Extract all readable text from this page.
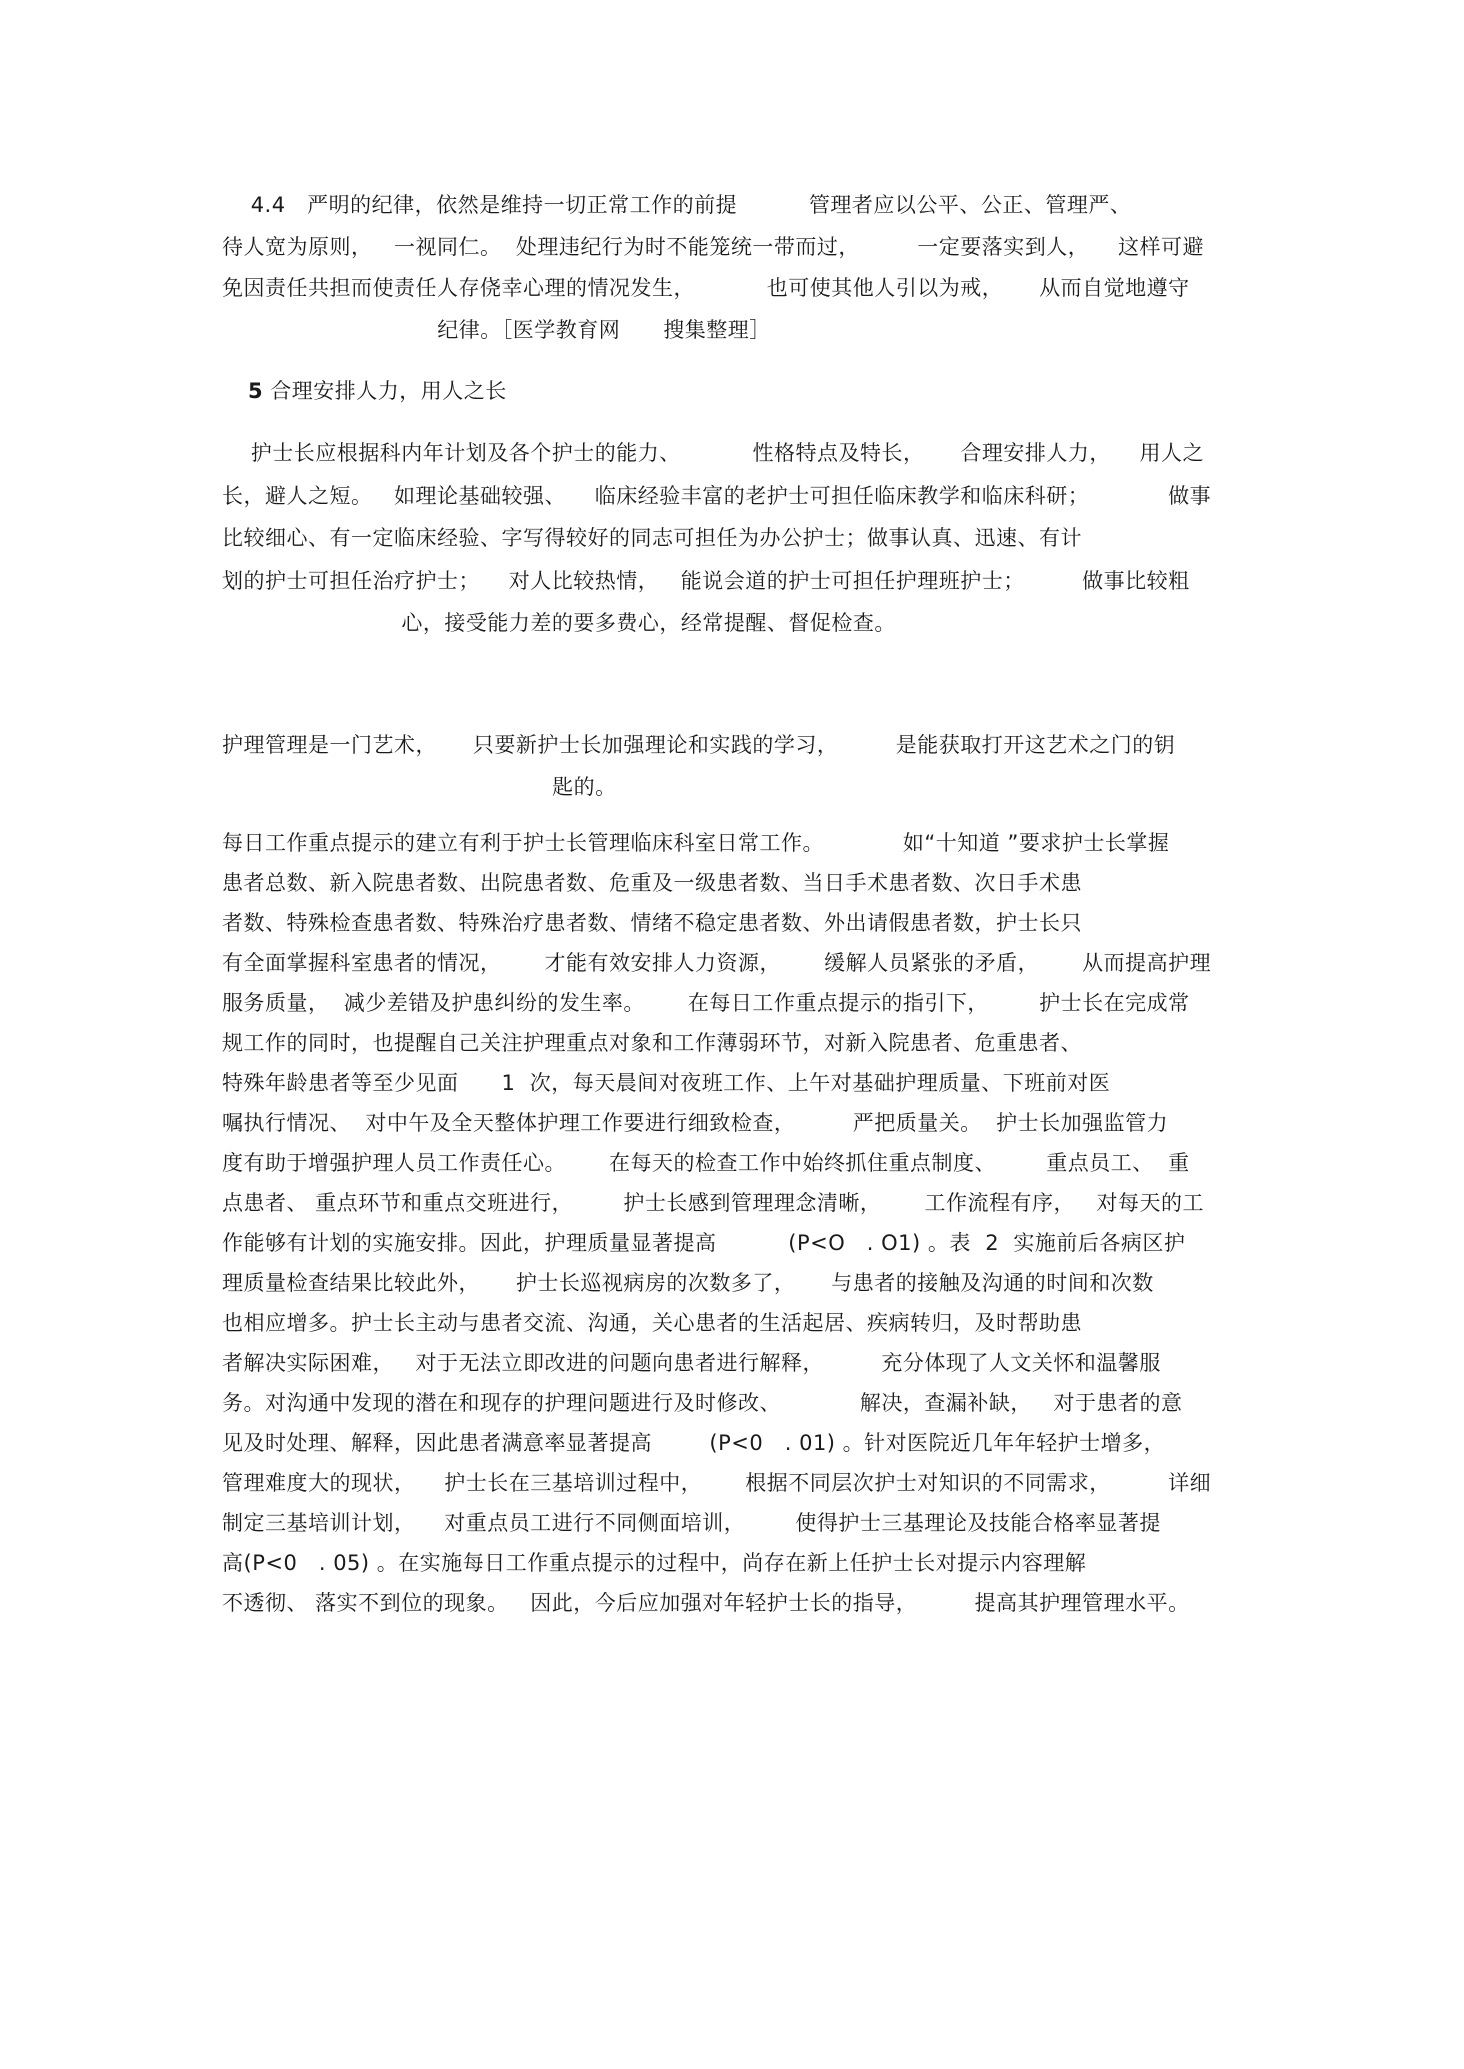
4.4   严明的纪律，依然是维持一切正常工作的前提          管理者应以公平、公正、管理严、
待人宽为原则，   一视同仁。  处理违纪行为时不能笼统一带而过，        一定要落实到人，    这样可避
免因责任共担而使责任人存侥幸心理的情况发生，          也可使其他人引以为戒，     从而自觉地遵守
纪律。［医学教育网      搜集整理］
5 合理安排人力，用人之长
护士长应根据科内年计划及各个护士的能力、          性格特点及特长，     合理安排人力，    用人之
长，避人之短。   如理论基础较强、    临床经验丰富的老护士可担任临床教学和临床科研；           做事
比较细心、有一定临床经验、字写得较好的同志可担任为办公护士；做事认真、迅速、有计
划的护士可担任治疗护士；    对人比较热情，   能说会道的护士可担任护理班护士；        做事比较粗
心，接受能力差的要多费心，经常提醒、督促检查。
护理管理是一门艺术，     只要新护士长加强理论和实践的学习，        是能获取打开这艺术之门的钥
匙的。
每日工作重点提示的建立有利于护士长管理临床科室日常工作。           如“十知道 ”要求护士长掌握
患者总数、新入院患者数、出院患者数、危重及一级患者数、当日手术患者数、次日手术患
者数、特殊检查患者数、特殊治疗患者数、情绪不稳定患者数、外出请假患者数，护士长只
有全面掌握科室患者的情况，      才能有效安排人力资源，      缓解人员紧张的矛盾，      从而提高护理
服务质量，  减少差错及护患纠纷的发生率。      在每日工作重点提示的指引下，       护士长在完成常
规工作的同时，也提醒自己关注护理重点对象和工作薄弱环节，对新入院患者、危重患者、
特殊年龄患者等至少见面      1  次，每天晨间对夜班工作、上午对基础护理质量、下班前对医
嘱执行情况、  对中午及全天整体护理工作要进行细致检查，        严把质量关。  护士长加强监管力
度有助于增强护理人员工作责任心。      在每天的检查工作中始终抓住重点制度、       重点员工、  重
点患者、 重点环节和重点交班进行，       护士长感到管理理念清晰，      工作流程有序，   对每天的工
作能够有计划的实施安排。因此，护理质量显著提高          (P<O   . O1) 。表  2  实施前后各病区护
理质量检查结果比较此外，     护士长巡视病房的次数多了，     与患者的接触及沟通的时间和次数
也相应增多。护士长主动与患者交流、沟通，关心患者的生活起居、疾病转归，及时帮助患
者解决实际困难，   对于无法立即改进的问题向患者进行解释，        充分体现了人文关怀和温馨服
务。对沟通中发现的潜在和现存的护理问题进行及时修改、           解决，查漏补缺，   对于患者的意
见及时处理、解释，因此患者满意率显著提高        (P<0   . 01) 。针对医院近几年年轻护士增多，
管理难度大的现状，    护士长在三基培训过程中，      根据不同层次护士对知识的不同需求，        详细
制定三基培训计划，    对重点员工进行不同侧面培训，       使得护士三基理论及技能合格率显著提
高(P<0   . 05) 。在实施每日工作重点提示的过程中，尚存在新上任护士长对提示内容理解
不透彻、 落实不到位的现象。   因此，今后应加强对年轻护士长的指导，        提高其护理管理水平。
